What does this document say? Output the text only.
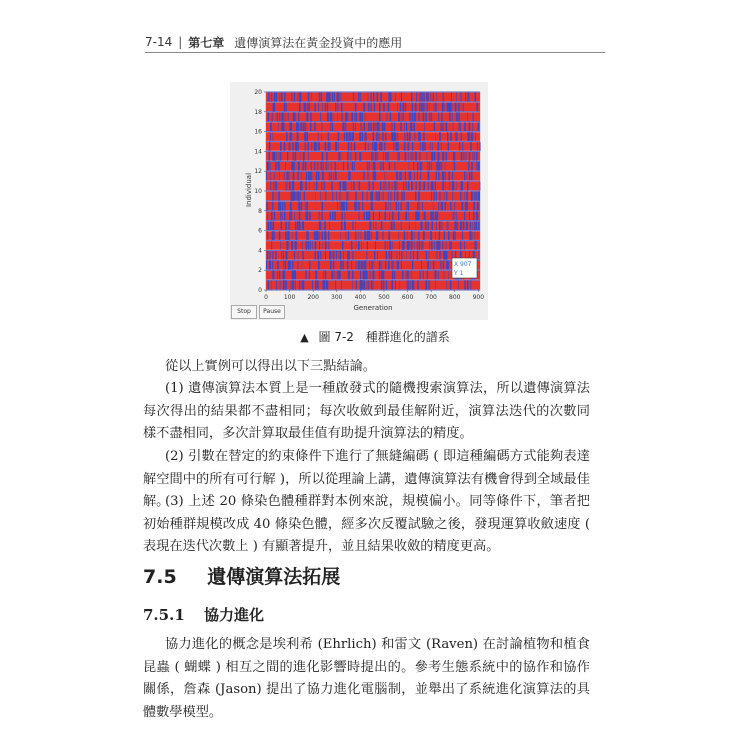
7-14 | 第七章 遺傳演算法在黃金投資中的應用
0	100 200 300 400 500 600 700 800 900
0
2
4
6
8
10
12
14
16
18
20
Generation
Individual
X 907
Y 1
Stop	Pause
▲ 圖 7-2 種群進化的譜系
從以上實例可以得出以下三點結論。
(1) 遺傳演算法本質上是一種啟發式的隨機搜索演算法，所以遺傳演算法每次得出的結果都不盡相同；每次收斂到最佳解附近，演算法迭代的次數同樣不盡相同，多次計算取最佳值有助提升演算法的精度。
(2) 引數在替定的約束條件下進行了無縫編碼 ( 即這種編碼方式能夠表達解空間中的所有可行解 )，所以從理論上講，遺傳演算法有機會得到全域最佳解。
(3) 上述 20 條染色體種群對本例來說，規模偏小。同等條件下，筆者把初始種群規模改成 40 條染色體，經多次反覆試驗之後，發現運算收斂速度 ( 表現在迭代次數上 ) 有顯著提升，並且結果收斂的精度更高。
7.5 遺傳演算法拓展
7.5.1 協力進化
協力進化的概念是埃利希 (Ehrlich) 和雷文 (Raven) 在討論植物和植食昆蟲 ( 蝴蝶 ) 相互之間的進化影響時提出的。參考生態系統中的協作和協作關係，詹森 (Jason) 提出了協力進化電腦制，並舉出了系統進化演算法的具體數學模型。
